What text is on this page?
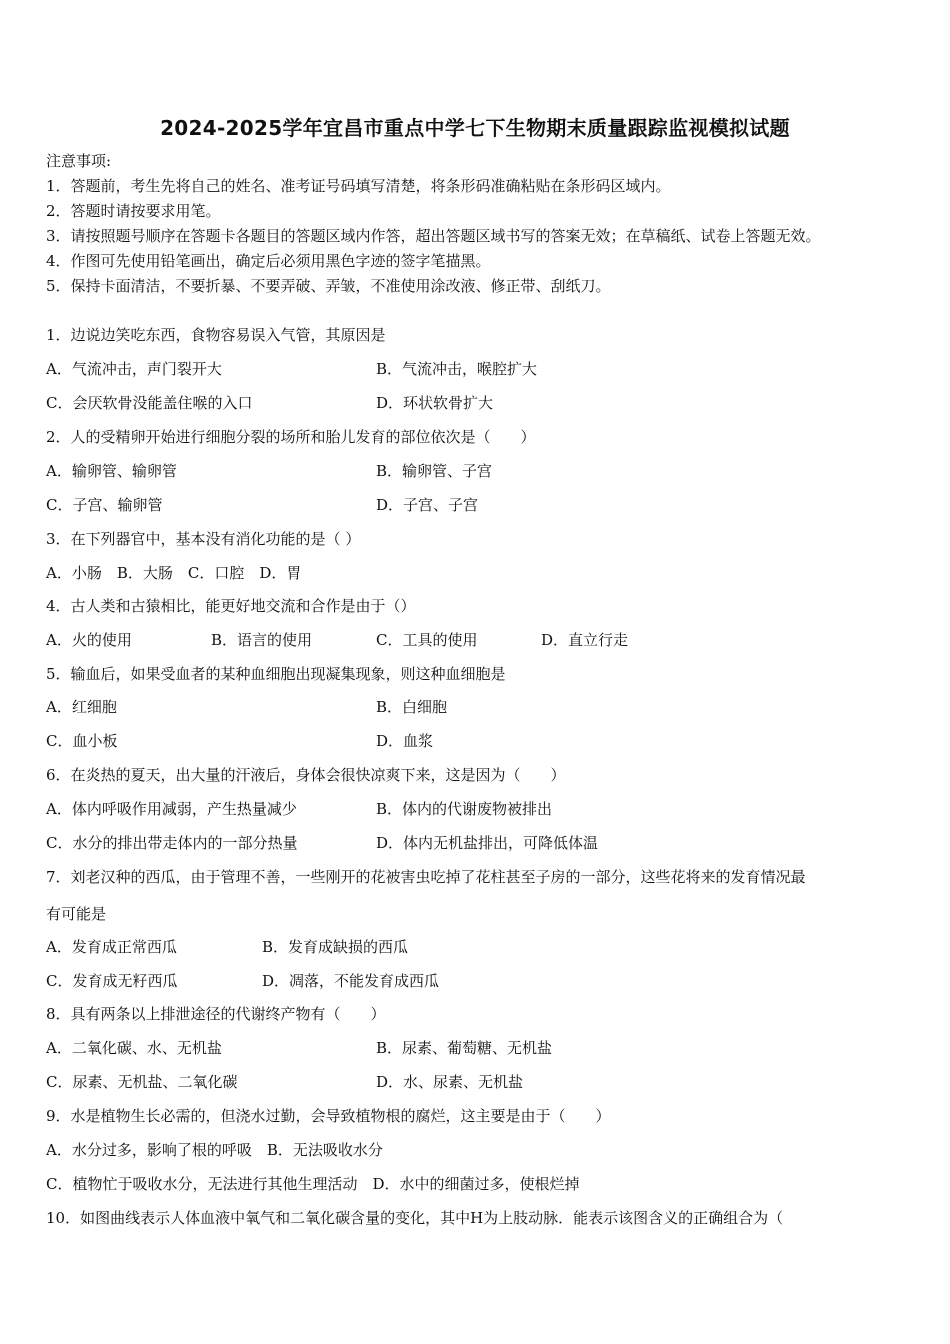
2024-2025学年宜昌市重点中学七下生物期末质量跟踪监视模拟试题
注意事项:
1．答题前，考生先将自己的姓名、准考证号码填写清楚，将条形码准确粘贴在条形码区域内。
2．答题时请按要求用笔。
3．请按照题号顺序在答题卡各题目的答题区域内作答，超出答题区域书写的答案无效；在草稿纸、试卷上答题无效。
4．作图可先使用铅笔画出，确定后必须用黑色字迹的签字笔描黑。
5．保持卡面清洁，不要折暴、不要弄破、弄皱，不准使用涂改液、修正带、刮纸刀。
1．边说边笑吃东西，食物容易误入气管，其原因是
A．气流冲击，声门裂开大	B．气流冲击，喉腔扩大
C．会厌软骨没能盖住喉的入口	D．环状软骨扩大
2．人的受精卵开始进行细胞分裂的场所和胎儿发育的部位依次是（　　）
A．输卵管、输卵管	B．输卵管、子宫
C．子宫、输卵管	D．子宫、子宫
3．在下列器官中，基本没有消化功能的是（ ）
A．小肠　B．大肠　C．口腔　D．胃
4．古人类和古猿相比，能更好地交流和合作是由于（）
A．火的使用	B．语言的使用	C．工具的使用	D．直立行走
5．输血后，如果受血者的某种血细胞出现凝集现象，则这种血细胞是
A．红细胞	B．白细胞
C．血小板	D．血浆
6．在炎热的夏天，出大量的汗液后，身体会很快凉爽下来，这是因为（　　）
A．体内呼吸作用减弱，产生热量减少	B．体内的代谢废物被排出
C．水分的排出带走体内的一部分热量	D．体内无机盐排出，可降低体温
7．刘老汉种的西瓜，由于管理不善，一些刚开的花被害虫吃掉了花柱甚至子房的一部分，这些花将来的发育情况最
有可能是
A．发育成正常西瓜	B．发育成缺损的西瓜
C．发育成无籽西瓜	D．凋落，不能发育成西瓜
8．具有两条以上排泄途径的代谢终产物有（　　）
A．二氧化碳、水、无机盐	B．尿素、葡萄糖、无机盐
C．尿素、无机盐、二氧化碳	D．水、尿素、无机盐
9．水是植物生长必需的，但浇水过勤，会导致植物根的腐烂，这主要是由于（　　）
A．水分过多，影响了根的呼吸　B．无法吸收水分
C．植物忙于吸收水分，无法进行其他生理活动　D．水中的细菌过多，使根烂掉
10．如图曲线表示人体血液中氧气和二氧化碳含量的变化，其中H为上肢动脉．能表示该图含义的正确组合为（
